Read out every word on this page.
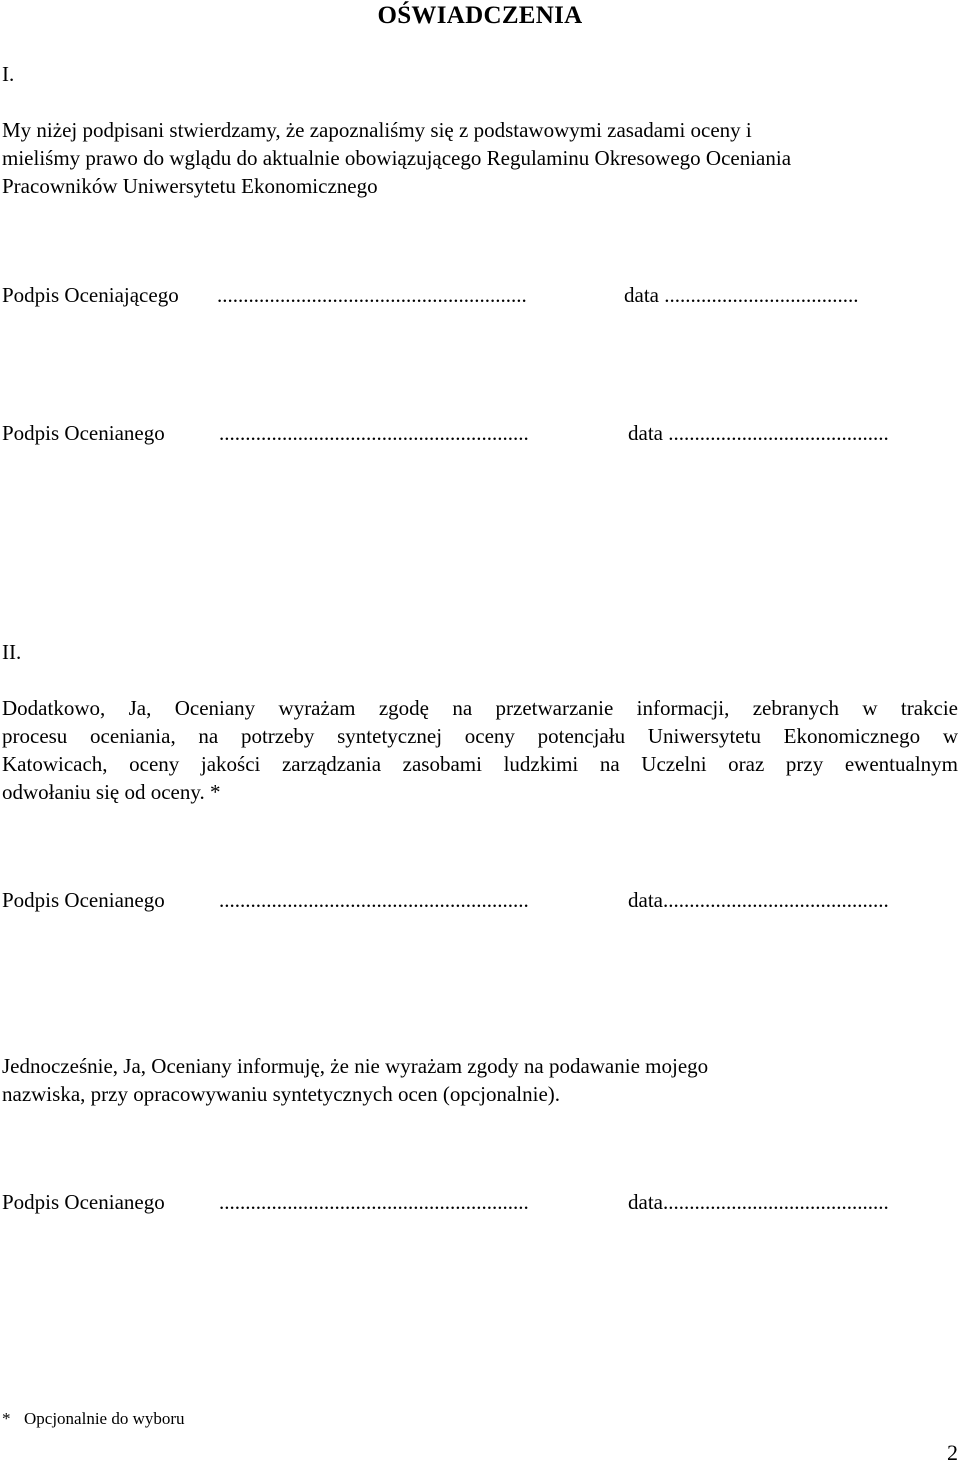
OŚWIADCZENIA
I.
My niżej podpisani stwierdzamy, że zapoznaliśmy się z podstawowymi zasadami oceny i
mieliśmy prawo do wglądu do aktualnie obowiązującego Regulaminu Okresowego Oceniania
Pracowników Uniwersytetu Ekonomicznego
Podpis Oceniającego ...........................................................	data .....................................
Podpis Ocenianego	...........................................................	data ..........................................
II.
Dodatkowo, Ja, Oceniany wyrażam zgodę na przetwarzanie informacji, zebranych w trakcie
procesu oceniania, na potrzeby syntetycznej oceny potencjału Uniwersytetu Ekonomicznego w
Katowicach, oceny jakości zarządzania zasobami ludzkimi na Uczelni oraz przy ewentualnym
odwołaniu się od oceny. *
Podpis Ocenianego	...........................................................	data...........................................
Jednocześnie, Ja, Oceniany informuję, że nie wyrażam zgody na podawanie mojego
nazwiska, przy opracowywaniu syntetycznych ocen (opcjonalnie).
Podpis Ocenianego	...........................................................	data...........................................
* Opcjonalnie do wyboru
2
